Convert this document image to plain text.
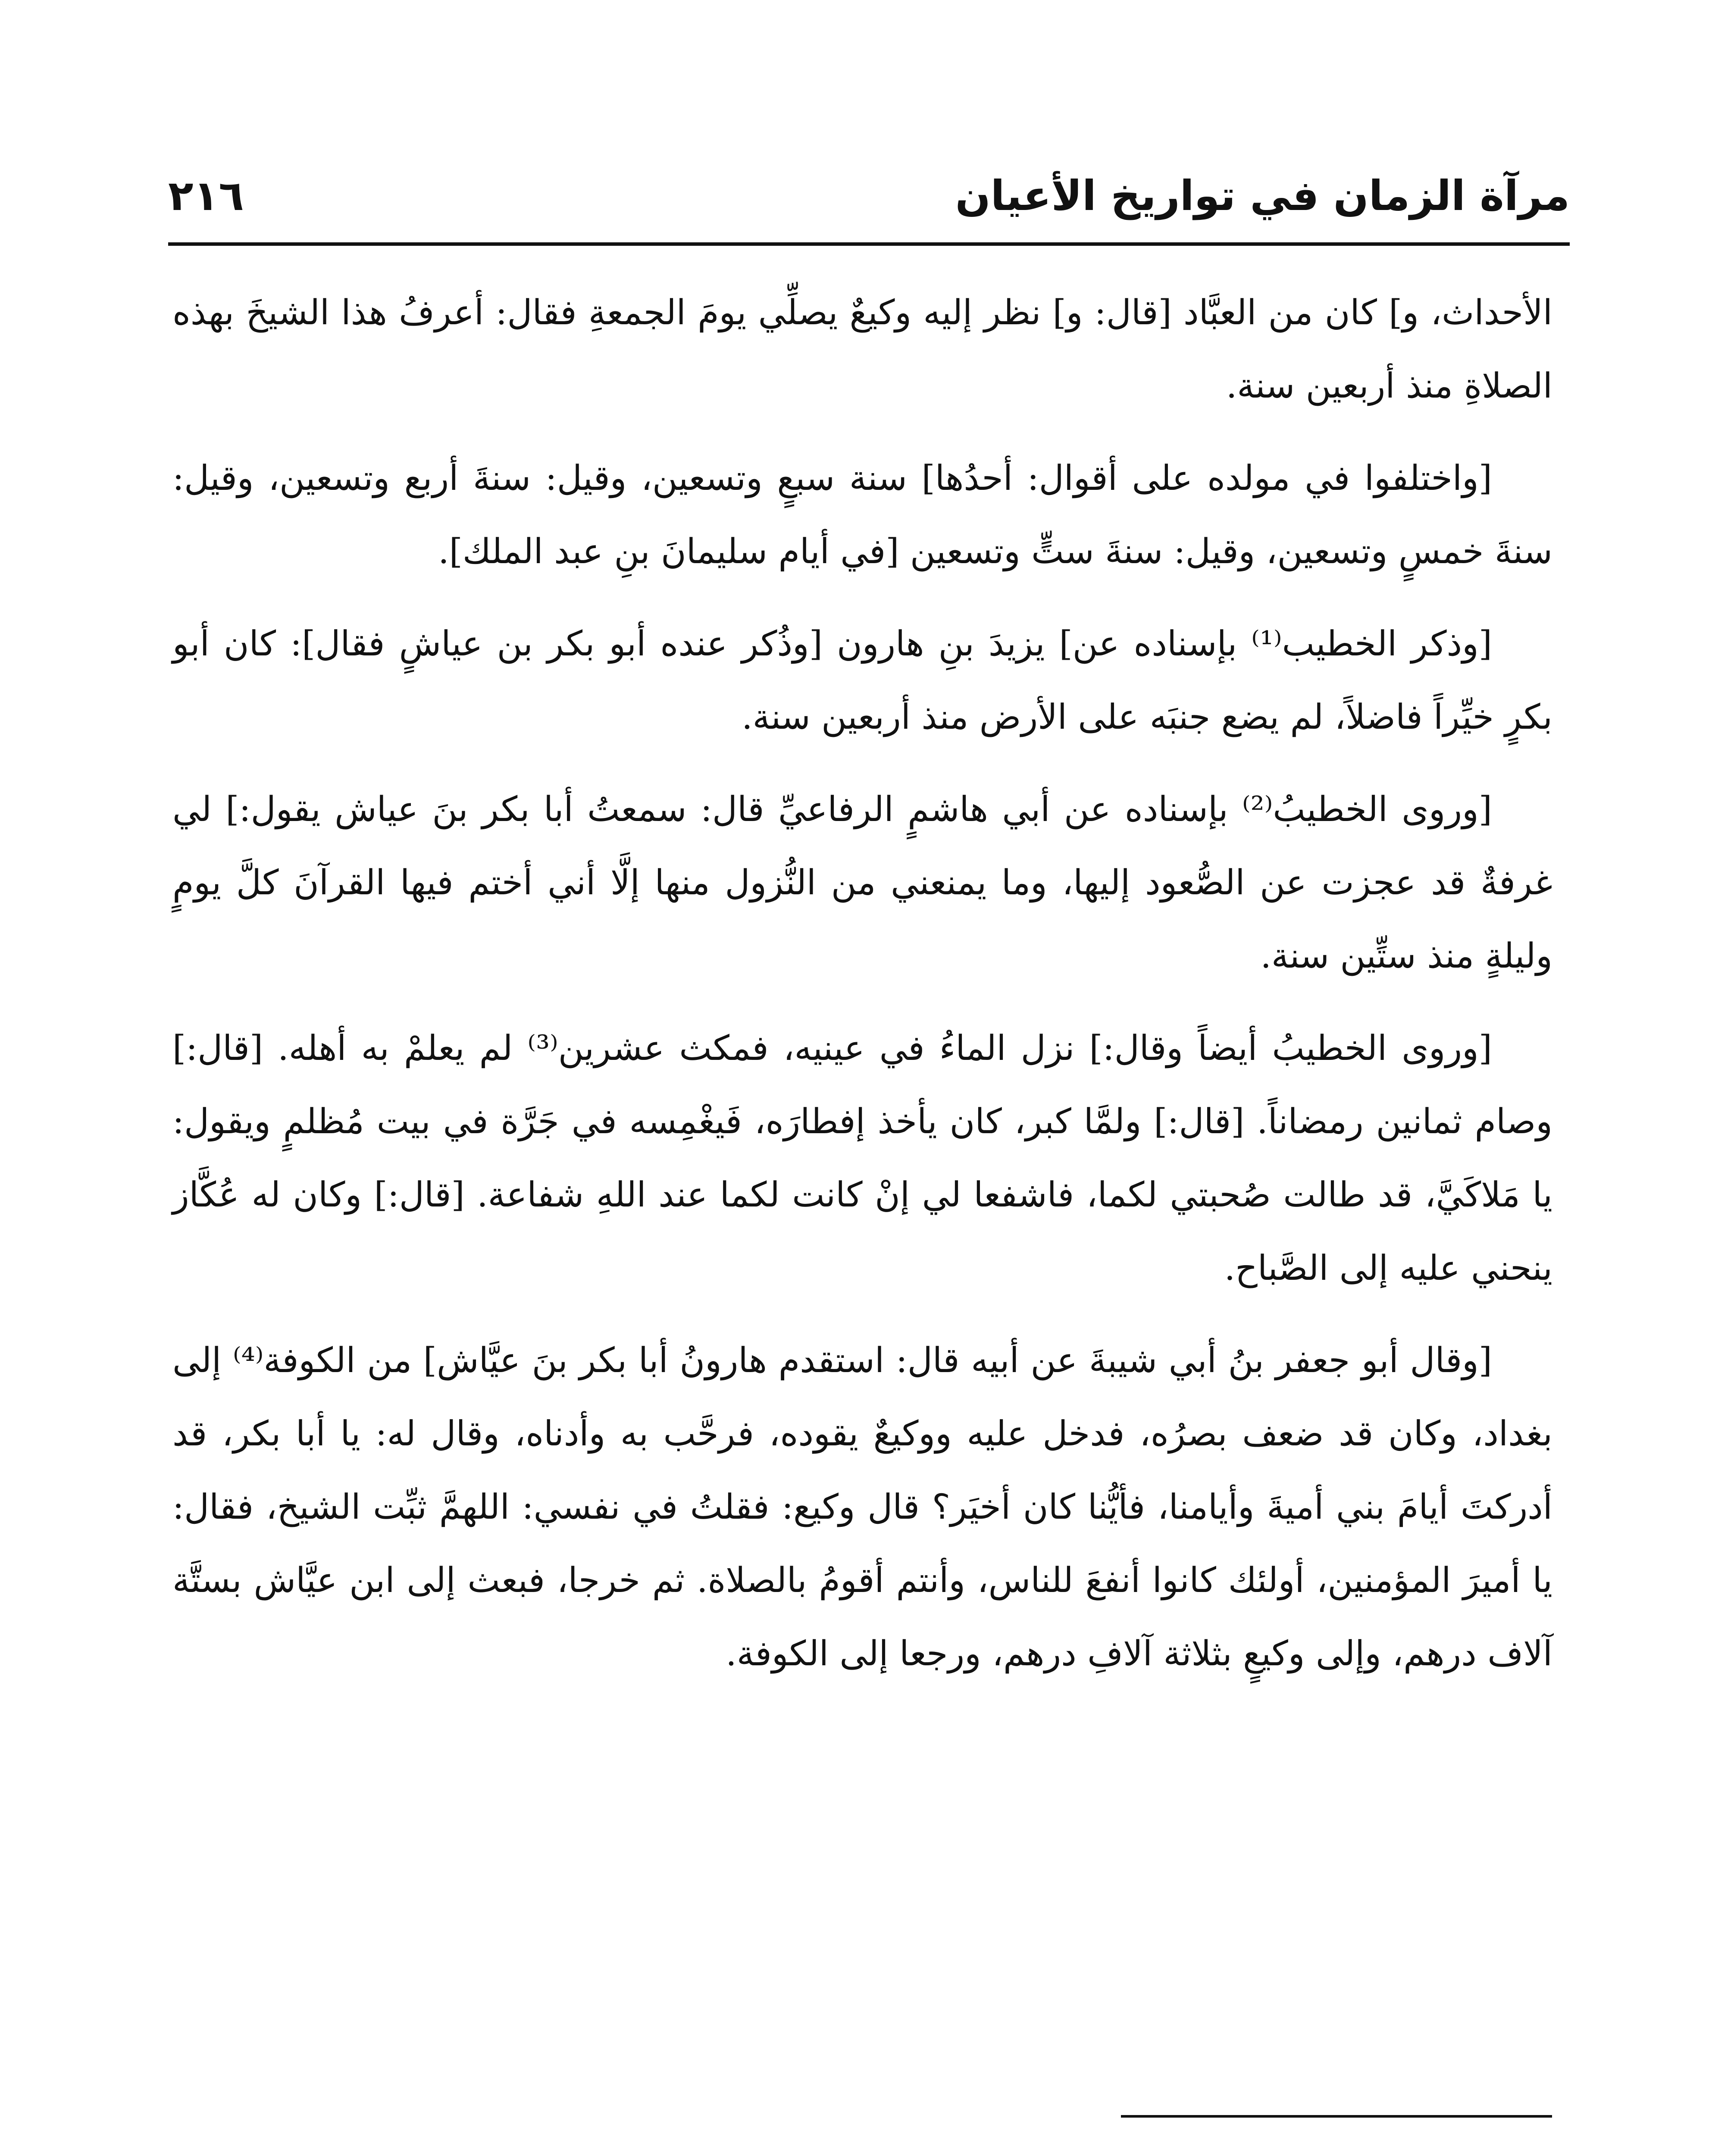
مرآة الزمان في تواريخ الأعيان
٢١٦

الأحداث، و] كان من العبَّاد [قال: و] نظر إليه وكيعٌ يصلِّي يومَ الجمعةِ فقال: أعرفُ هذا الشيخَ بهذه الصلاةِ منذ أربعين سنة.

[واختلفوا في مولده على أقوال: أحدُها] سنة سبعٍ وتسعين، وقيل: سنةَ أربع وتسعين، وقيل: سنةَ خمسٍ وتسعين، وقيل: سنةَ ستٍّ وتسعين [في أيام سليمانَ بنِ عبد الملك].

[وذكر الخطيب⁽¹⁾ بإسناده عن] يزيدَ بنِ هارون [وذُكر عنده أبو بكر بن عياشٍ فقال]: كان أبو بكرٍ خيِّراً فاضلاً، لم يضع جنبَه على الأرض منذ أربعين سنة.

[وروى الخطيبُ⁽²⁾ بإسناده عن أبي هاشمٍ الرفاعيِّ قال: سمعتُ أبا بكر بنَ عياش يقول:] لي غرفةٌ قد عجزت عن الصُّعود إليها، وما يمنعني من النُّزول منها إلَّا أني أختم فيها القرآنَ كلَّ يومٍ وليلةٍ منذ ستِّين سنة.

[وروى الخطيبُ أيضاً وقال:] نزل الماءُ في عينيه، فمكث عشرين⁽³⁾ لم يعلمْ به أهله. [قال:] وصام ثمانين رمضاناً. [قال:] ولمَّا كبر، كان يأخذ إفطارَه، فَيغْمِسه في جَرَّة في بيت مُظلمٍ ويقول: يا مَلاكَيَّ، قد طالت صُحبتي لكما، فاشفعا لي إنْ كانت لكما عند اللهِ شفاعة. [قال:] وكان له عُكَّاز ينحني عليه إلى الصَّباح.

[وقال أبو جعفر بنُ أبي شيبةَ عن أبيه قال: استقدم هارونُ أبا بكر بنَ عيَّاش] من الكوفة⁽⁴⁾ إلى بغداد، وكان قد ضعف بصرُه، فدخل عليه ووكيعٌ يقوده، فرحَّب به وأدناه، وقال له: يا أبا بكر، قد أدركتَ أيامَ بني أميةَ وأيامنا، فأيُّنا كان أخيَر؟ قال وكيع: فقلتُ في نفسي: اللهمَّ ثبِّت الشيخ، فقال: يا أميرَ المؤمنين، أولئك كانوا أنفعَ للناس، وأنتم أقومُ بالصلاة. ثم خرجا، فبعث إلى ابن عيَّاش بستَّة آلاف درهم، وإلى وكيعٍ بثلاثة آلافِ درهم، ورجعا إلى الكوفة.
